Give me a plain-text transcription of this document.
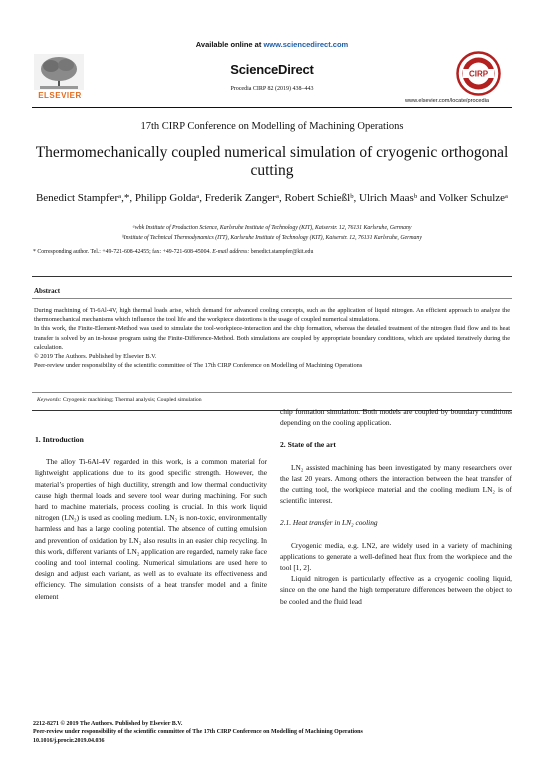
Available online at www.sciencedirect.com
ELSEVIER
ScienceDirect
Procedia CIRP 82 (2019) 438–443
CIRP
www.elsevier.com/locate/procedia
17th CIRP Conference on Modelling of Machining Operations
Thermomechanically coupled numerical simulation of cryogenic orthogonal cutting
Benedict Stampferᵃ,*, Philipp Goldaᵃ, Frederik Zangerᵃ, Robert Schießlᵇ, Ulrich Maasᵇ and Volker Schulzeᵃ
ᵃwbk Institute of Production Science, Karlsruhe Institute of Technology (KIT), Kaiserstr. 12, 76131 Karlsruhe, Germany
ᵇInstitute of Technical Thermodynamics (ITT), Karlsruhe Institute of Technology (KIT), Kaiserstr. 12, 76131 Karlsruhe, Germany
* Corresponding author. Tel.: +49-721-608-42455; fax: +49-721-608-45004. E-mail address: benedict.stampfer@kit.edu
Abstract

During machining of Ti-6Al-4V, high thermal loads arise, which demand for advanced cooling concepts, such as the application of liquid nitrogen. An efficient approach to analyze the thermomechanical mechanisms which influence the tool life and the workpiece distortions is the usage of coupled numerical simulations.

In this work, the Finite-Element-Method was used to simulate the tool-workpiece-interaction and the chip formation, whereas the detailed treatment of the nitrogen fluid flow and its heat transfer is solved by an in-house program using the Finite-Difference-Method. Both simulations are coupled by appropriate boundary conditions, which are updated iteratively during the calculation.

© 2019 The Authors. Published by Elsevier B.V.

Peer-review under responsibility of the scientific committee of The 17th CIRP Conference on Modelling of Machining Operations

Keywords: Cryogenic machining; Thermal analysis; Coupled simulation

1. Introduction

The alloy Ti-6Al-4V regarded in this work, is a common material for lightweight applications due to its good specific strength. However, the material’s properties of high ductility, strength and low thermal conductivity cause high thermal loads and severe tool wear during machining. For such hard to machine materials, process cooling is crucial. In this work liquid nitrogen (LN₂) is used as cooling medium. LN₂ is non-toxic, environmentally harmless and has a large cooling potential. The absence of cutting emulsion and prevention of oxidation by LN₂ also results in an easier chip recycling. In this work, different variants of LN₂ application are regarded, namely rake face cooling and tool internal cooling. Numerical simulations are used here to design and adjust each variant, as well as to evaluate its effectiveness and efficiency. The simulation consists of a heat transfer model and a finite element

chip formation simulation. Both models are coupled by boundary conditions depending on the cooling application.

2. State of the art

LN₂ assisted machining has been investigated by many researchers over the last 20 years. Among others the interaction between the heat transfer of the cutting tool, the workpiece material and the cooling medium LN₂ is of scientific interest.

2.1. Heat transfer in LN₂ cooling

Cryogenic media, e.g. LN2, are widely used in a variety of machining applications to generate a well-defined heat flux from the workpiece and the tool [1, 2].

Liquid nitrogen is particularly effective as a cryogenic cooling liquid, since on the one hand the high temperature differences between the object to be cooled and the fluid lead

2212-8271 © 2019 The Authors. Published by Elsevier B.V.
Peer-review under responsibility of the scientific committee of The 17th CIRP Conference on Modelling of Machining Operations
10.1016/j.procir.2019.04.036
